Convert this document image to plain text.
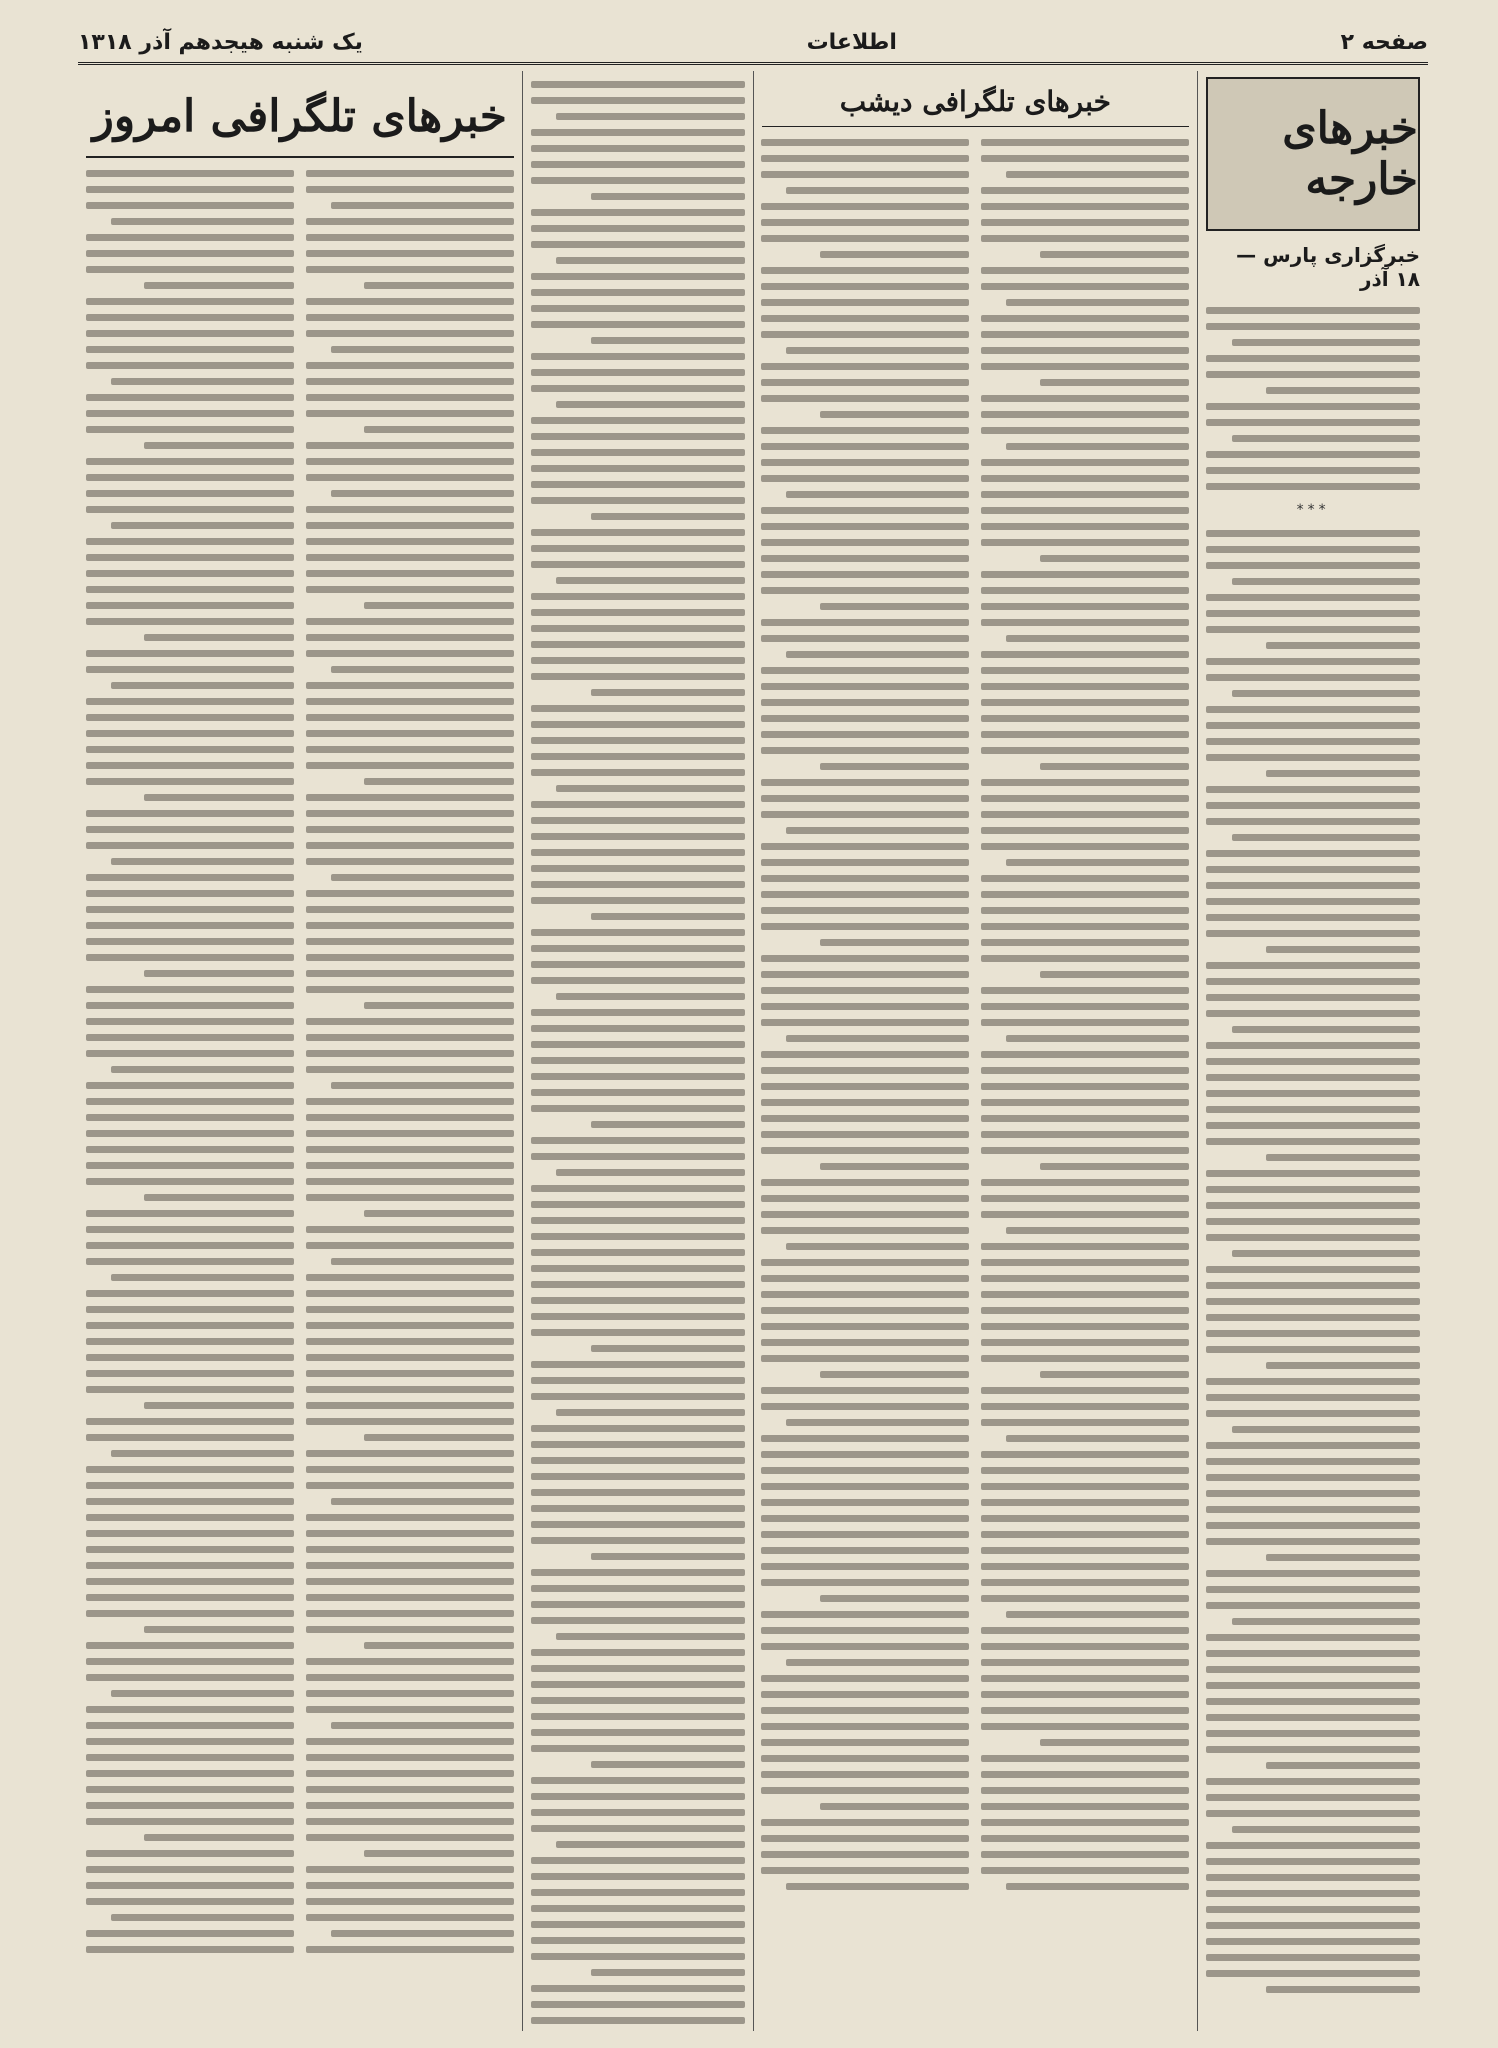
صفحه ۲
اطلاعات
یک شنبه هیجدهم آذر ۱۳۱۸
خبرهای خارجه
خبرگزاری پارس — ۱۸ آذر
***
خبرهای تلگرافی دیشب
خبرهای تلگرافی امروز
